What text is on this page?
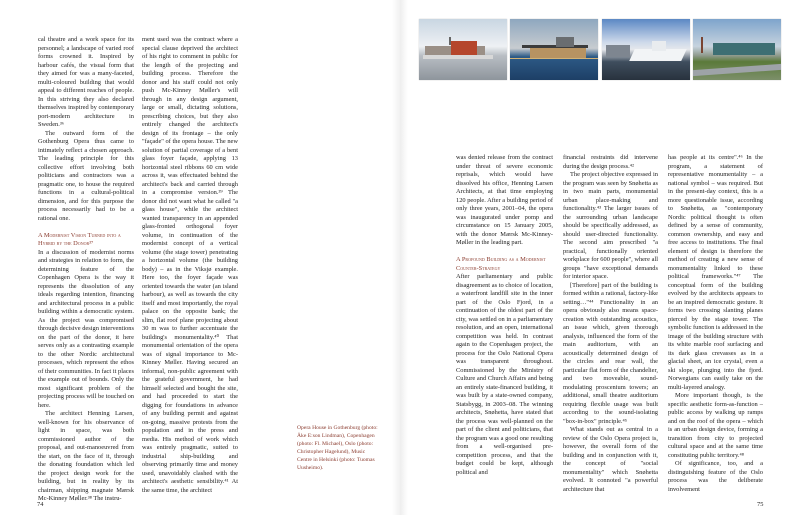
cal theatre and a work space for its personnel; a landscape of varied roof forms crowned it. Inspired by harbour cafés, the visual form that they aimed for was a many-faceted, multi-coloured building that would appeal to different reaches of people. In this striving they also declared themselves inspired by contemporary port-modern architecture in Sweden.³⁶

The outward form of the Gothenburg Opera thus came to intimately reflect a chosen approach. The leading principle for this collective effort involving both politicians and contractors was a pragmatic one, to house the required functions in a cultural-political dimension, and for this purpose the process necessarily had to be a rational one.

A Modernist Vision Turned into a Hybrid by the Donor³⁷

In a discussion of modernist norms and strategies in relation to form, the determining feature of the Copenhagen Opera is the way it represents the dissolution of any ideals regarding intention, financing and architectural process in a public building within a democratic system. As the project was compromised through decisive design interventions on the part of the donor, it here serves only as a contrasting example to the other Nordic architectural processes, which represent the ethos of their communities. In fact it places the example out of bounds. Only the most significant problem of the projecting process will be touched on here.

The architect Henning Larsen, well-known for his observance of light in space, was both commissioned author of the proposal, and out-manoeuvred from the start, on the face of it, through the donating foundation which led the project design work for the building, but in reality by its chairman, shipping magnate Mærsk Mc-Kinney Møller.³⁸ The instru-

ment used was the contract where a special clause deprived the architect of his right to comment in public for the length of the projecting and building process. Therefore the donor and his staff could not only push Mc-Kinney Møller's will through in any design argument, large or small, dictating solutions, prescribing choices, but they also entirely changed the architect's design of its frontage – the only "façade" of the opera house. The new solution of partial coverage of a bent glass foyer façade, applying 13 horizontal steel ribbons 60 cm wide across it, was effectuated behind the architect's back and carried through in a compromise version.³⁹ The donor did not want what he called "a glass house", while the architect wanted transparency in an appended glass-fronted orthogonal foyer volume, in continuation of the modernist concept of a vertical volume (the stage tower) penetrating a horizontal volume (the building body) – as in the Viksjø example. Here too, the foyer façade was oriented towards the water (an island harbour), as well as towards the city itself and most importantly, the royal palace on the opposite bank; the slim, flat roof plane projecting about 30 m was to further accentuate the building's monumentality.⁴⁰ That monumental orientation of the opera was of signal importance to Mc-Kinney Møller. Having secured an informal, non-public agreement with the grateful government, he had himself selected and bought the site, and had proceeded to start the digging for foundations in advance of any building permit and against on-going, massive protests from the population and in the press and media. His method of work which was entirely pragmatic, suited to industrial ship-building and observing primarily time and money used, unavoidably clashed with the architect's aesthetic sensibility.⁴¹ At the same time, the architect

Opera House in Gothenburg (photo: Åke E:son Lindman), Copenhagen (photo: Fl. Michael), Oslo (photo: Christopher Hagelund), Music Centre in Helsinki (photo: Tuomas Uusheimo).
74

was denied release from the contract under threat of severe economic reprisals, which would have dissolved his office, Henning Larsen Architects, at that time employing 120 people. After a building period of only three years, 2001–04, the opera was inaugurated under pomp and circumstance on 15 January 2005, with the donor Mærsk Mc-Kinney-Møller in the leading part.

A Profound Building as a Modernist Counter-Strategy

After parliamentary and public disagreement as to choice of location, a waterfront landfill site in the inner part of the Oslo Fjord, in a continuation of the oldest part of the city, was settled on in a parliamentary resolution, and an open, international competition was held. In contrast again to the Copenhagen project, the process for the Oslo National Opera was transparent throughout. Commissioned by the Ministry of Culture and Church Affairs and being an entirely state-financed building, it was built by a state-owned company, Statsbygg, in 2003–08. The winning architects, Snøhetta, have stated that the process was well-planned on the part of the client and politicians, that the program was a good one resulting from a well-organised pre-competition process, and that the budget could be kept, although political and

financial restraints did intervene during the design process.⁴²

The project objective expressed in the program was seen by Snøhetta as in two main parts, monumental urban place-making and functionality.⁴³ The larger issues of the surrounding urban landscape should be specifically addressed, as should user-directed functionality. The second aim prescribed "a practical, functionally oriented workplace for 600 people", where all groups "have exceptional demands for interior space.

[Therefore] part of the building is formed within a rational, factory-like setting…"⁴⁴ Functionality in an opera obviously also means space-creation with outstanding acoustics, an issue which, given thorough analysis, influenced the form of the main auditorium, with an acoustically determined design of the circles and rear wall, the particular flat form of the chandelier, and two moveable, sound-modulating proscenium towers; an additional, small theatre auditorium requiring flexible usage was built according to the sound-isolating "box-in-box" principle.⁴⁵

What stands out as central in a review of the Oslo Opera project is, however, the overall form of the building and in conjunction with it, the concept of "social monumentality" which Snøhetta evolved. It connoted "a powerful architecture that

has people at its centre".⁴⁶ In the program, a statement of representative monumentality – a national symbol – was required. But in the present-day context, this is a more questionable issue, according to Snøhetta, as "contemporary Nordic political thought is often defined by a sense of community, common ownership, and easy and free access to institutions. The final element of design is therefore the method of creating a new sense of monumentality linked to these political frameworks."⁴⁷ The conceptual form of the building evolved by the architects appears to be an inspired democratic gesture. It forms two crossing slanting planes pierced by the stage tower. The symbolic function is addressed in the image of the building structure with its white marble roof surfacing and its dark glass crevasses as in a glacial sheet, an ice crystal, even a ski slope, plunging into the fjord. Norwegians can easily take on the multi-layered analogy.

More important though, is the specific aesthetic form-as-function – public access by walking up ramps and on the roof of the opera – which is an urban design device, forming a transition from city to projected cultural space and at the same time constituting public territory.⁴⁸

Of significance, too, and a distinguishing feature of the Oslo process was the deliberate involvement

75
